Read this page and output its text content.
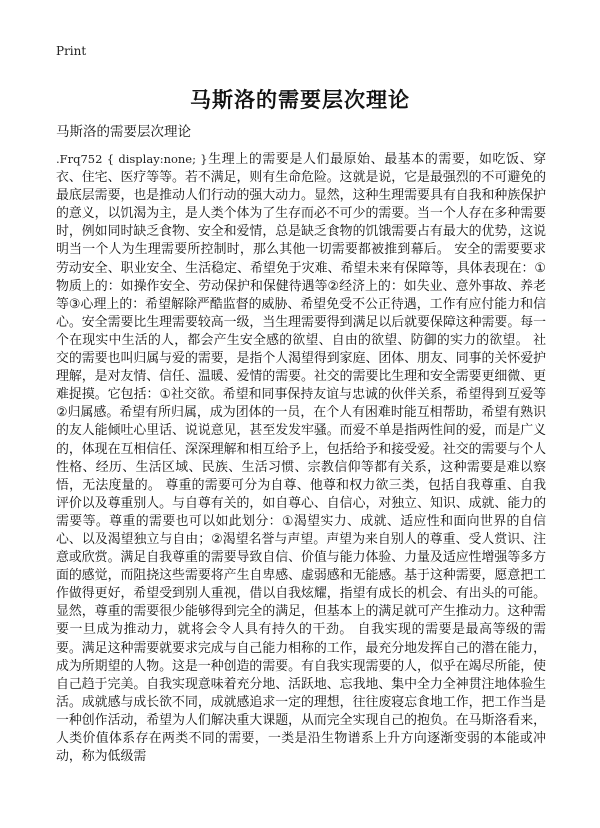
Print
马斯洛的需要层次理论
马斯洛的需要层次理论
.Frq752 { display:none; }生理上的需要是人们最原始、最基本的需要，如吃饭、穿衣、住宅、医疗等等。若不满足，则有生命危险。这就是说，它是最强烈的不可避免的最底层需要，也是推动人们行动的强大动力。显然，这种生理需要具有自我和种族保护的意义，以饥渴为主，是人类个体为了生存而必不可少的需要。当一个人存在多种需要时，例如同时缺乏食物、安全和爱情，总是缺乏食物的饥饿需要占有最大的优势，这说明当一个人为生理需要所控制时，那么其他一切需要都被推到幕后。 安全的需要要求劳动安全、职业安全、生活稳定、希望免于灾难、希望未来有保障等，具体表现在：①物质上的：如操作安全、劳动保护和保健待遇等②经济上的：如失业、意外事故、养老等③心理上的：希望解除严酷监督的威胁、希望免受不公正待遇，工作有应付能力和信心。安全需要比生理需要较高一级，当生理需要得到满足以后就要保障这种需要。每一个在现实中生活的人，都会产生安全感的欲望、自由的欲望、防御的实力的欲望。 社交的需要也叫归属与爱的需要，是指个人渴望得到家庭、团体、朋友、同事的关怀爱护理解，是对友情、信任、温暖、爱情的需要。社交的需要比生理和安全需要更细微、更难捉摸。它包括：①社交欲。希望和同事保持友谊与忠诚的伙伴关系，希望得到互爱等②归属感。希望有所归属，成为团体的一员，在个人有困难时能互相帮助，希望有熟识的友人能倾吐心里话、说说意见，甚至发发牢骚。而爱不单是指两性间的爱，而是广义的，体现在互相信任、深深理解和相互给予上，包括给予和接受爱。社交的需要与个人性格、经历、生活区域、民族、生活习惯、宗教信仰等都有关系，这种需要是难以察悟，无法度量的。 尊重的需要可分为自尊、他尊和权力欲三类，包括自我尊重、自我评价以及尊重别人。与自尊有关的，如自尊心、自信心，对独立、知识、成就、能力的需要等。尊重的需要也可以如此划分：①渴望实力、成就、适应性和面向世界的自信心、以及渴望独立与自由；②渴望名誉与声望。声望为来自别人的尊重、受人赏识、注意或欣赏。满足自我尊重的需要导致自信、价值与能力体验、力量及适应性增强等多方面的感觉，而阻挠这些需要将产生自卑感、虚弱感和无能感。基于这种需要，愿意把工作做得更好，希望受到别人重视，借以自我炫耀，指望有成长的机会、有出头的可能。显然，尊重的需要很少能够得到完全的满足，但基本上的满足就可产生推动力。这种需要一旦成为推动力，就将会令人具有持久的干劲。 自我实现的需要是最高等级的需要。满足这种需要就要求完成与自己能力相称的工作，最充分地发挥自己的潜在能力，成为所期望的人物。这是一种创造的需要。有自我实现需要的人，似乎在竭尽所能，使自己趋于完美。自我实现意味着充分地、活跃地、忘我地、集中全力全神贯注地体验生活。成就感与成长欲不同，成就感追求一定的理想，往往废寝忘食地工作，把工作当是一种创作活动，希望为人们解决重大课题，从而完全实现自己的抱负。在马斯洛看来，人类价值体系存在两类不同的需要，一类是沿生物谱系上升方向逐渐变弱的本能或冲动，称为低级需
